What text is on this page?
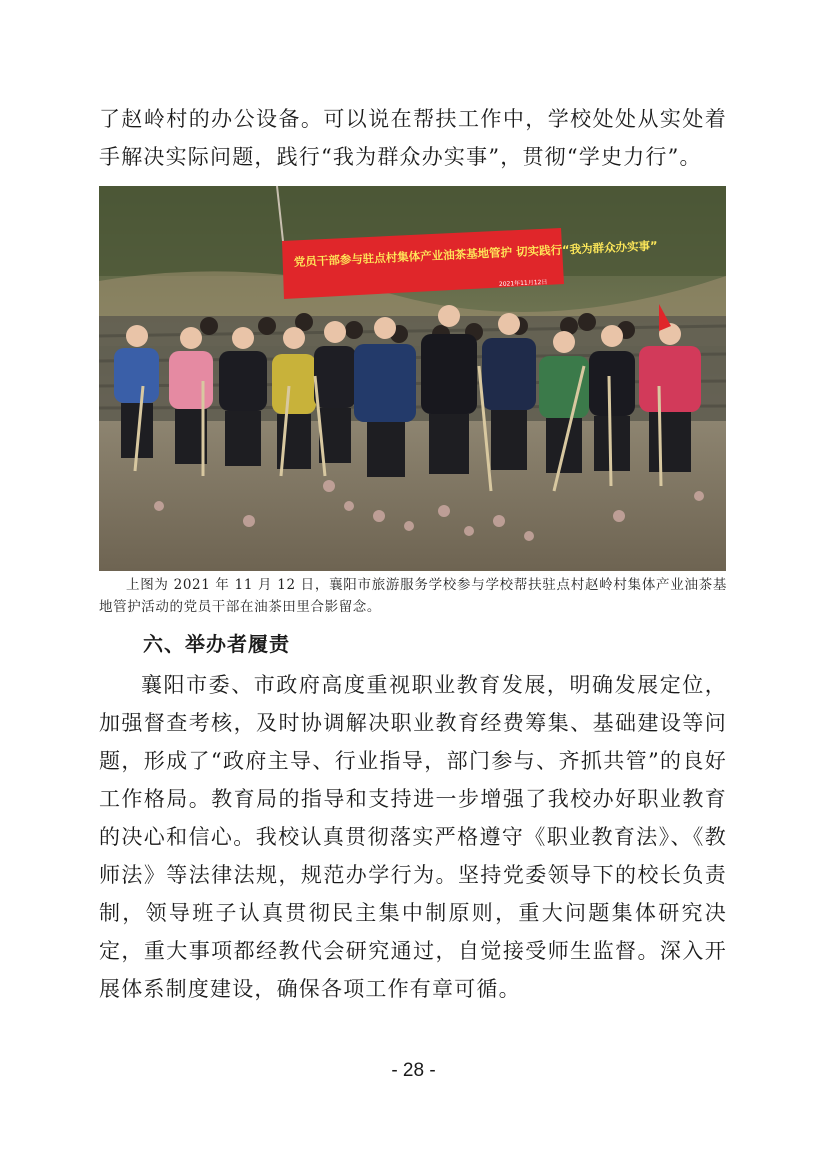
了赵岭村的办公设备。可以说在帮扶工作中，学校处处从实处着手解决实际问题，践行“我为群众办实事”，贯彻“学史力行”。

党员干部参与驻点村集体产业油茶基地管护 切实践行“我为群众办实事”
2021年11月12日

上图为 2021 年 11 月 12 日，襄阳市旅游服务学校参与学校帮扶驻点村赵岭村集体产业油茶基地管护活动的党员干部在油茶田里合影留念。

六、举办者履责

襄阳市委、市政府高度重视职业教育发展，明确发展定位，加强督查考核，及时协调解决职业教育经费筹集、基础建设等问题，形成了“政府主导、行业指导，部门参与、齐抓共管”的良好工作格局。教育局的指导和支持进一步增强了我校办好职业教育的决心和信心。我校认真贯彻落实严格遵守《职业教育法》、《教师法》等法律法规，规范办学行为。坚持党委领导下的校长负责制，领导班子认真贯彻民主集中制原则，重大问题集体研究决定，重大事项都经教代会研究通过，自觉接受师生监督。深入开展体系制度建设，确保各项工作有章可循。

- 28 -
